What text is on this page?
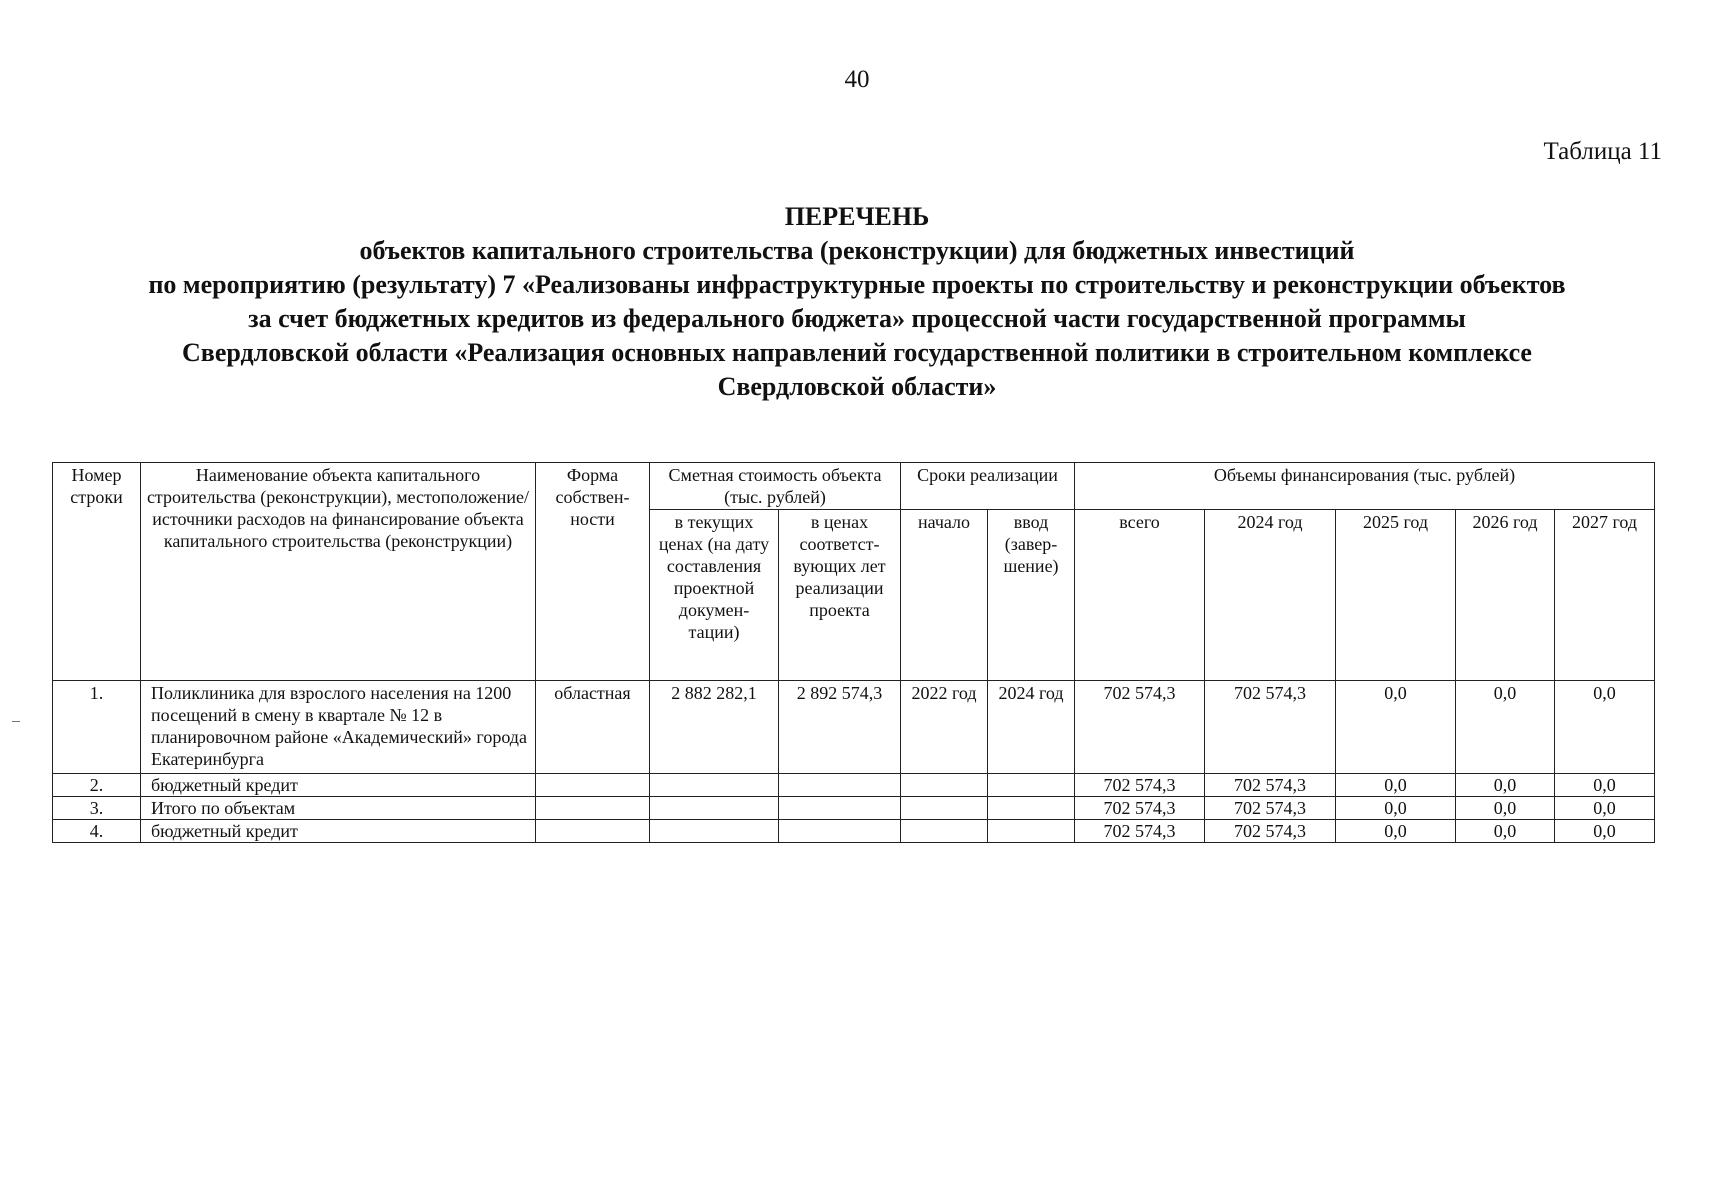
40
Таблица 11
ПЕРЕЧЕНЬ
объектов капитального строительства (реконструкции) для бюджетных инвестиций
по мероприятию (результату) 7 «Реализованы инфраструктурные проекты по строительству и реконструкции объектов
за счет бюджетных кредитов из федерального бюджета» процессной части государственной программы
Свердловской области «Реализация основных направлений государственной политики в строительном комплексе
Свердловской области»
Номер строки	Наименование объекта капитального строительства (реконструкции), местоположение/ источники расходов на финансирование объекта капитального строительства (реконструкции)	Форма собствен-ности	Сметная стоимость объекта (тыс. рублей)		Сроки реализации		Объемы финансирования (тыс. рублей)				
			в текущих ценах (на дату составления проектной докумен-тации)	в ценах соответст-вующих лет реализации проекта	начало	ввод (завер-шение)	всего	2024 год	2025 год	2026 год	2027 год
1.	Поликлиника для взрослого населения на 1200 посещений в смену в квартале № 12 в планировочном районе «Академический» города Екатеринбурга	областная	2 882 282,1	2 892 574,3	2022 год	2024 год	702 574,3	702 574,3	0,0	0,0	0,0
2.	бюджетный кредит						702 574,3	702 574,3	0,0	0,0	0,0
3.	Итого по объектам						702 574,3	702 574,3	0,0	0,0	0,0
4.	бюджетный кредит						702 574,3	702 574,3	0,0	0,0	0,0
